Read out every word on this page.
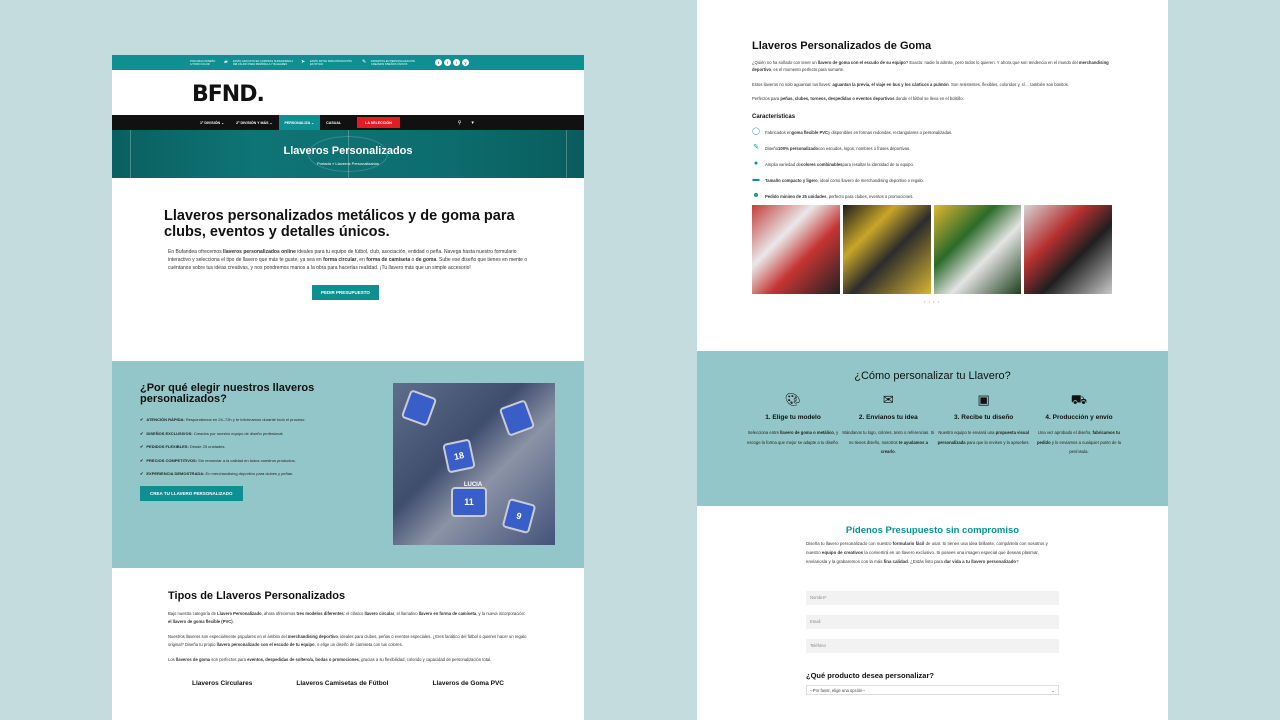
POR GRACI DISEÑO A TODO COLOR	▰	ENVÍO GRATUITO EN COMPRAS SUPERIORES A 99€ VÁLIDO PARA PENÍNSULA Y BALEARES	➤	ENVÍO 48/72H PARA PRODUCTOS EN STOCK	✎	EXPERTOS EN PERSONALIZACIÓN CREAMOS DISEÑOS ÚNICOS	t	f	i	y
BFND.
1ª DIVISIÓN ⌄	2ª DIVISIÓN Y MÁS ⌄	PERSONALIZA ⌄	CASUAL	LA SELECCIÓN	⚲ ▾
Llaveros Personalizados
Portada » Llaveros Personalizados
Llaveros personalizados metálicos y de goma para clubs, eventos y detalles únicos.

En Bufandea ofrecemos llaveros personalizados online ideales para tu equipo de fútbol, club, asociación, entidad o peña. Navega hasta nuestro formulario interactivo y selecciona el tipo de llavero que más te guste, ya sea en forma circular, en forma de camiseta o de goma. Sube ese diseño que tienes en mente o cuéntanos sobre tus ideas creativas, y nos pondremos manos a la obra para hacerlas realidad. ¡Tu llavero más que un simple accesorio!

PEDIR PRESUPUESTO
¿Por qué elegir nuestros llaveros personalizados?
✔ ATENCIÓN RÁPIDA: Respondemos en 24–72h y te informamos durante todo el proceso.
✔ DISEÑOS EXCLUSIVOS: Creados por nuestro equipo de diseño profesional.
✔ PEDIDOS FLEXIBLES: Desde 25 unidades.
✔ PRECIOS COMPETITIVOS: Sin renunciar a la calidad en todos nuestros productos.
✔ EXPERIENCIA DEMOSTRADA: En merchandising deportivo para clubes y peñas.
CREA TU LLAVERO PERSONALIZADO
18
11
LUCIA
9
Tipos de Llaveros Personalizados

Bajo nuestra categoría de Llavero Personalizado, ahora ofrecemos tres modelos diferentes: el clásico llavero circular, el llamativo llavero en forma de camiseta, y la nueva incorporación: el llavero de goma flexible (PVC).

Nuestros llaveros son especialmente populares en el ámbito del merchandising deportivo, ideales para clubes, peñas o eventos especiales. ¿Eres fanático del fútbol o quieres hacer un regalo original? Diseña tu propio llavero personalizado con el escudo de tu equipo, o elige un diseño de camiseta con tus colores.

Los llaveros de goma son perfectos para eventos, despedidas de soltero/a, bodas o promociones, gracias a su flexibilidad, colorido y capacidad de personalización total.

Llaveros Circulares	Llaveros Camisetas de Fútbol	Llaveros de Goma PVC
Llaveros Personalizados de Goma

¿Quién no ha soñado con tener un llavero de goma con el escudo de su equipo? Exacto: nadie lo admite, pero todos lo quieren. Y ahora que son tendencia en el mundo del merchandising deportivo, es el momento perfecto para sumarte.

Estos llaveros no solo aguantan tus llaves: aguantan la previa, el viaje en bus y los cánticos a pulmón. Son resistentes, flexibles, coloridos y, sí… también son bonitos.

Perfectos para peñas, clubes, torneos, despedidas o eventos deportivos donde el fútbol se lleva en el bolsillo.

Características
◯ Fabricados en goma flexible PVC y disponibles en formas redondas, rectangulares o personalizadas.
✎ Diseño 100% personalizado con escudos, logos, nombres o frases deportivas.
●	Amplia variedad de colores combinables para resaltar la identidad de tu equipo.
▬ Tamaño compacto y ligero , ideal como llavero de merchandising deportivo o regalo.
☻ Pedido mínimo de 25 unidades , perfecto para clubes, eventos o promociones.
• • • •
¿Cómo personalizar tu Llavero?
🎨︎
1. Elige tu modelo

Selecciona entre llavero de goma o metálico, y escoge la forma que mejor se adapte a tu diseño.

✉
2. Envíanos tu idea

Mándanos tu logo, colores, texto o referencias. Si no tienes diseño, nosotros te ayudamos a crearlo.

▣
3. Recibe tu diseño

Nuestro equipo te enviará una propuesta visual personalizada para que la revises y la apruebes.

⛟
4. Producción y envío

Una vez aprobado el diseño, fabricamos tu pedido y lo enviamos a cualquier punto de la península.

Pídenos Presupuesto sin compromiso

Diseña tu llavero personalizado con nuestro formulario fácil de usar. Si tienes una idea brillante, compártela con nosotros y nuestro equipo de creativos la convertirá en un llavero exclusivo. Si posees una imagen especial que deseas plasmar, envíanosla y la grabaremos con la más fina calidad. ¿Estás listo para dar vida a tu llavero personalizado?

Nombre*
Email
Teléfono
¿Qué producto desea personalizar?
--Por favor, elige una opción--	⌄
